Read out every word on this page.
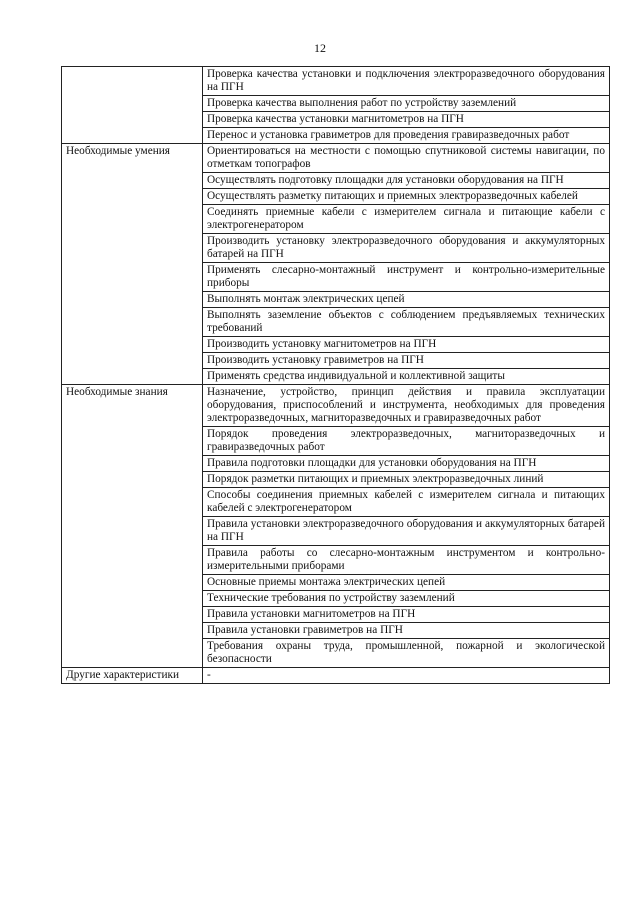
12
	Проверка качества установки и подключения электроразведочного оборудования на ПГН
	Проверка качества выполнения работ по устройству заземлений
	Проверка качества установки магнитометров на ПГН
	Перенос и установка гравиметров для проведения гравиразведочных работ
Необходимые умения	Ориентироваться на местности с помощью спутниковой системы навигации, по отметкам топографов
	Осуществлять подготовку площадки для установки оборудования на ПГН
	Осуществлять разметку питающих и приемных электроразведочных кабелей
	Соединять приемные кабели с измерителем сигнала и питающие кабели с электрогенератором
	Производить установку электроразведочного оборудования и аккумуляторных батарей на ПГН
	Применять слесарно-монтажный инструмент и контрольно-измерительные приборы
	Выполнять монтаж электрических цепей
	Выполнять заземление объектов с соблюдением предъявляемых технических требований
	Производить установку магнитометров на ПГН
	Производить установку гравиметров на ПГН
	Применять средства индивидуальной и коллективной защиты
Необходимые знания	Назначение, устройство, принцип действия и правила эксплуатации оборудования, приспособлений и инструмента, необходимых для проведения электроразведочных, магниторазведочных и гравиразведочных работ
	Порядок проведения электроразведочных, магниторазведочных и гравиразведочных работ
	Правила подготовки площадки для установки оборудования на ПГН
	Порядок разметки питающих и приемных электроразведочных линий
	Способы соединения приемных кабелей с измерителем сигнала и питающих кабелей с электрогенератором
	Правила установки электроразведочного оборудования и аккумуляторных батарей на ПГН
	Правила работы со слесарно-монтажным инструментом и контрольно-измерительными приборами
	Основные приемы монтажа электрических цепей
	Технические требования по устройству заземлений
	Правила установки магнитометров на ПГН
	Правила установки гравиметров на ПГН
	Требования охраны труда, промышленной, пожарной и экологической безопасности
Другие характеристики	-
